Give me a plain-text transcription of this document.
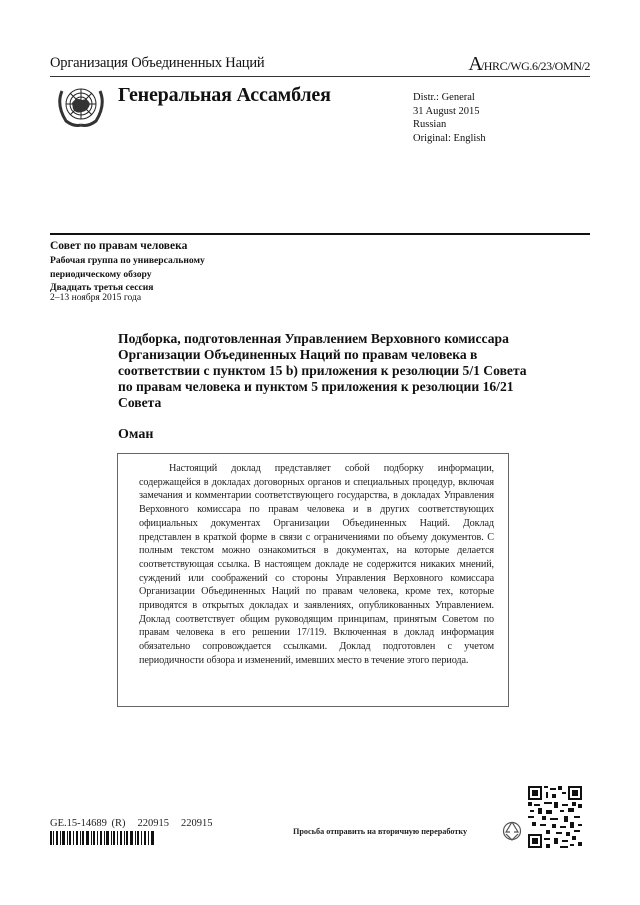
Организация Объединенных Наций	A/HRC/WG.6/23/OMN/2
Генеральная Ассамблея	Distr.: General
31 August 2015
Russian
Original: English
Совет по правам человека
Рабочая группа по универсальному
периодическому обзору
Двадцать третья сессия
2–13 ноября 2015 года
Подборка, подготовленная Управлением Верховного комиссара Организации Объединенных Наций по правам человека в соответствии с пунктом 15 b) приложения к резолюции 5/1 Совета по правам человека и пунктом 5 приложения к резолюции 16/21 Совета
Оман
Настоящий доклад представляет собой подборку информации, содержащейся в докладах договорных органов и специальных процедур, включая замечания и комментарии соответствующего государства, в докладах Управления Верховного комиссара по правам человека и в других соответствующих официальных документах Организации Объединенных Наций. Доклад представлен в краткой форме в связи с ограничениями по объему документов. С полным текстом можно ознакомиться в документах, на которые делается соответствующая ссылка. В настоящем докладе не содержится никаких мнений, суждений или соображений со стороны Управления Верховного комиссара Организации Объединенных Наций по правам человека, кроме тех, которые приводятся в открытых докладах и заявлениях, опубликованных Управлением. Доклад соответствует общим руководящим принципам, принятым Советом по правам человека в его решении 17/119. Включенная в доклад информация обязательно сопровождается ссылками. Доклад подготовлен с учетом периодичности обзора и изменений, имевших место в течение этого периода.
GE.15-14689 (R) 220915 220915
Просьба отправить на вторичную переработку
